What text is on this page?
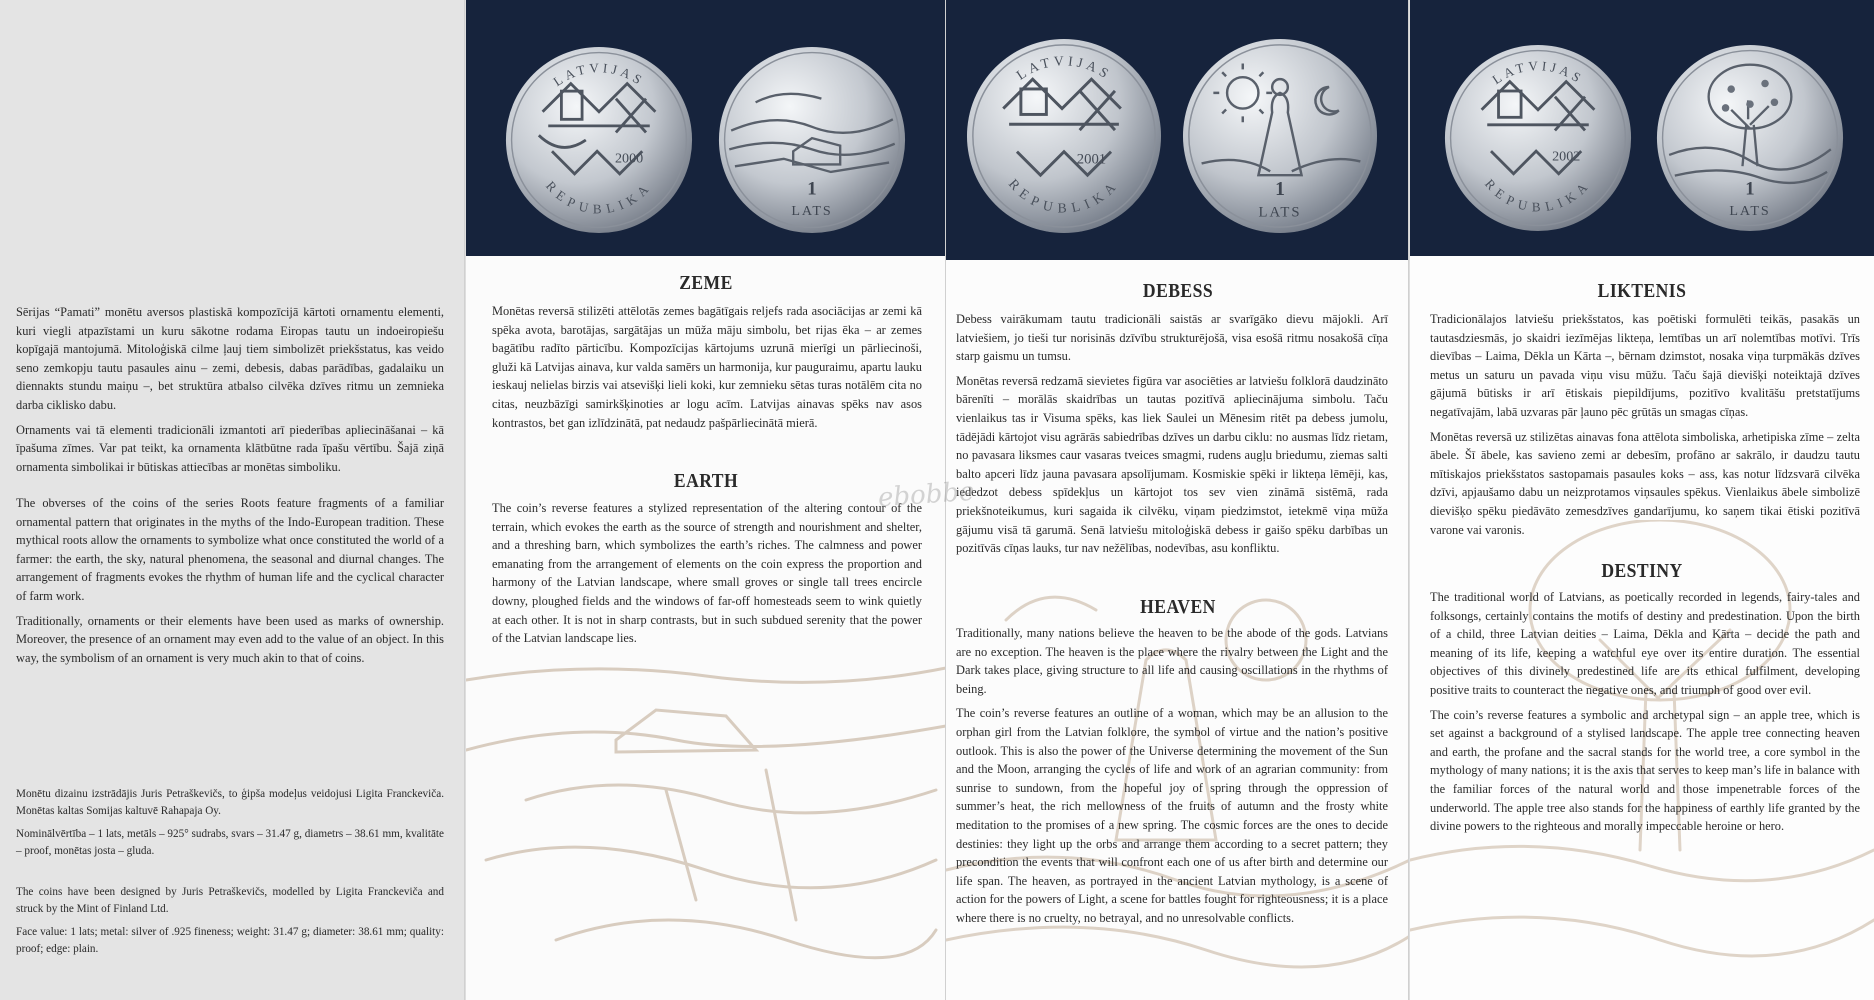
Sērijas “Pamati” monētu aversos plastiskā kompozīcijā kārtoti ornamentu elementi, kuri viegli atpazīstami un kuru sākotne rodama Eiropas tautu un indoeiropiešu kopīgajā mantojumā. Mitoloģiskā cilme ļauj tiem simbolizēt priekšstatus, kas veido seno zemkopju tautu pasaules ainu – zemi, debesis, dabas parādības, gadalaiku un diennakts stundu maiņu –, bet struktūra atbalso cilvēka dzīves ritmu un zemnieka darba ciklisko dabu.

Ornaments vai tā elementi tradicionāli izmantoti arī piederības apliecināšanai – kā īpašuma zīmes. Var pat teikt, ka ornamenta klātbūtne rada īpašu vērtību. Šajā ziņā ornamenta simbolikai ir būtiskas attiecības ar monētas simboliku.

The obverses of the coins of the series Roots feature fragments of a familiar ornamental pattern that originates in the myths of the Indo-European tradition. These mythical roots allow the ornaments to symbolize what once constituted the world of a farmer: the earth, the sky, natural phenomena, the seasonal and diurnal changes. The arrangement of fragments evokes the rhythm of human life and the cyclical character of farm work.

Traditionally, ornaments or their elements have been used as marks of ownership. Moreover, the presence of an ornament may even add to the value of an object. In this way, the symbolism of an ornament is very much akin to that of coins.

Monētu dizainu izstrādājis Juris Petraškevičs, to ģipša modeļus veidojusi Ligita Franckeviča. Monētas kaltas Somijas kaltuvē Rahapaja Oy.

Nominālvērtība – 1 lats, metāls – 925° sudrabs, svars – 31.47 g, diametrs – 38.61 mm, kvalitāte – proof, monētas josta – gluda.

The coins have been designed by Juris Petraškevičs, modelled by Ligita Franckeviča and struck by the Mint of Finland Ltd.

Face value: 1 lats; metal: silver of .925 fineness; weight: 31.47 g; diameter: 38.61 mm; quality: proof; edge: plain.

LATVIJAS
REPUBLIKA
2000
1
LATS
ZEME
Monētas reversā stilizēti attēlotās zemes bagātīgais reljefs rada asociācijas ar zemi kā spēka avota, barotājas, sargātājas un mūža māju simbolu, bet rijas ēka – ar zemes bagātību radīto pārticību. Kompozīcijas kārtojums uzrunā mierīgi un pārliecinoši, gluži kā Latvijas ainava, kur valda samērs un harmonija, kur pauguraimu, apartu lauku ieskauj nelielas birzis vai atsevišķi lieli koki, kur zemnieku sētas turas notālēm cita no citas, neuzbāzīgi samirkšķinoties ar logu acīm. Latvijas ainavas spēks nav asos kontrastos, bet gan izlīdzinātā, pat nedaudz pašpārliecinātā mierā.
EARTH
The coin’s reverse features a stylized representation of the altering contour of the terrain, which evokes the earth as the source of strength and nourishment and shelter, and a threshing barn, which symbolizes the earth’s riches. The calmness and power emanating from the arrangement of elements on the coin express the proportion and harmony of the Latvian landscape, where small groves or single tall trees encircle downy, ploughed fields and the windows of far-off homesteads seem to wink quietly at each other. It is not in sharp contrasts, but in such subdued serenity that the power of the Latvian landscape lies.
LATVIJAS
REPUBLIKA
2001
1
LATS
DEBESS

Debess vairākumam tautu tradicionāli saistās ar svarīgāko dievu mājokli. Arī latviešiem, jo tieši tur norisinās dzīvību strukturējošā, visa esošā ritmu nosakošā cīņa starp gaismu un tumsu.

Monētas reversā redzamā sievietes figūra var asociēties ar latviešu folklorā daudzināto bārenīti – morālās skaidrības un tautas pozitīvā apliecinājuma simbolu. Taču vienlaikus tas ir Visuma spēks, kas liek Saulei un Mēnesim ritēt pa debess jumolu, tādējādi kārtojot visu agrārās sabiedrības dzīves un darbu ciklu: no ausmas līdz rietam, no pavasara liksmes caur vasaras tveices smagmi, rudens augļu briedumu, ziemas salti balto apceri līdz jauna pavasara apsolījumam. Kosmiskie spēki ir likteņa lēmēji, kas, iededzot debess spīdekļus un kārtojot tos sev vien zināmā sistēmā, rada priekšnoteikumus, kuri sagaida ik cilvēku, viņam piedzimstot, ietekmē viņa mūža gājumu visā tā garumā. Senā latviešu mitoloģiskā debess ir gaišo spēku darbības un pozitīvās cīņas lauks, tur nav nežēlības, nodevības, asu konfliktu.

HEAVEN

Traditionally, many nations believe the heaven to be the abode of the gods. Latvians are no exception. The heaven is the place where the rivalry between the Light and the Dark takes place, giving structure to all life and causing oscillations in the rhythms of being.

The coin’s reverse features an outline of a woman, which may be an allusion to the orphan girl from the Latvian folklore, the symbol of virtue and the nation’s positive outlook. This is also the power of the Universe determining the movement of the Sun and the Moon, arranging the cycles of life and work of an agrarian community: from sunrise to sundown, from the hopeful joy of spring through the oppression of summer’s heat, the rich mellowness of the fruits of autumn and the frosty white meditation to the promises of a new spring. The cosmic forces are the ones to decide destinies: they light up the orbs and arrange them according to a secret pattern; they precondition the events that will confront each one of us after birth and determine our life span. The heaven, as portrayed in the ancient Latvian mythology, is a scene of action for the powers of Light, a scene for battles fought for righteousness; it is a place where there is no cruelty, no betrayal, and no unresolvable conflicts.

LATVIJAS
REPUBLIKA
2002
1
LATS
LIKTENIS

Tradicionālajos latviešu priekšstatos, kas poētiski formulēti teikās, pasakās un tautasdziesmās, jo skaidri iezīmējas likteņa, lemtības un arī nolemtības motīvi. Trīs dievības – Laima, Dēkla un Kārta –, bērnam dzimstot, nosaka viņa turpmākās dzīves metus un saturu un pavada viņu visu mūžu. Taču šajā dievišķi noteiktajā dzīves gājumā būtisks ir arī ētiskais piepildījums, pozitīvo kvalitāšu pretstatījums negatīvajām, labā uzvaras pār ļauno pēc grūtās un smagas cīņas.

Monētas reversā uz stilizētas ainavas fona attēlota simboliska, arhetipiska zīme – zelta ābele. Šī ābele, kas savieno zemi ar debesīm, profāno ar sakrālo, ir daudzu tautu mītiskajos priekšstatos sastopamais pasaules koks – ass, kas notur līdzsvarā cilvēka dzīvi, apjaušamo dabu un neizprotamos viņsaules spēkus. Vienlaikus ābele simbolizē dievišķo spēku piedāvāto zemesdzīves gandarījumu, ko saņem tikai ētiski pozitīvā varone vai varonis.

DESTINY

The traditional world of Latvians, as poetically recorded in legends, fairy-tales and folksongs, certainly contains the motifs of destiny and predestination. Upon the birth of a child, three Latvian deities – Laima, Dēkla and Kārta – decide the path and meaning of its life, keeping a watchful eye over its entire duration. The essential objectives of this divinely predestined life are its ethical fulfilment, developing positive traits to counteract the negative ones, and triumph of good over evil.

The coin’s reverse features a symbolic and archetypal sign – an apple tree, which is set against a background of a stylised landscape. The apple tree connecting heaven and earth, the profane and the sacral stands for the world tree, a core symbol in the mythology of many nations; it is the axis that serves to keep man’s life in balance with the familiar forces of the natural world and those impenetrable forces of the underworld. The apple tree also stands for the happiness of earthly life granted by the divine powers to the righteous and morally impeccable heroine or hero.

ebobbe
